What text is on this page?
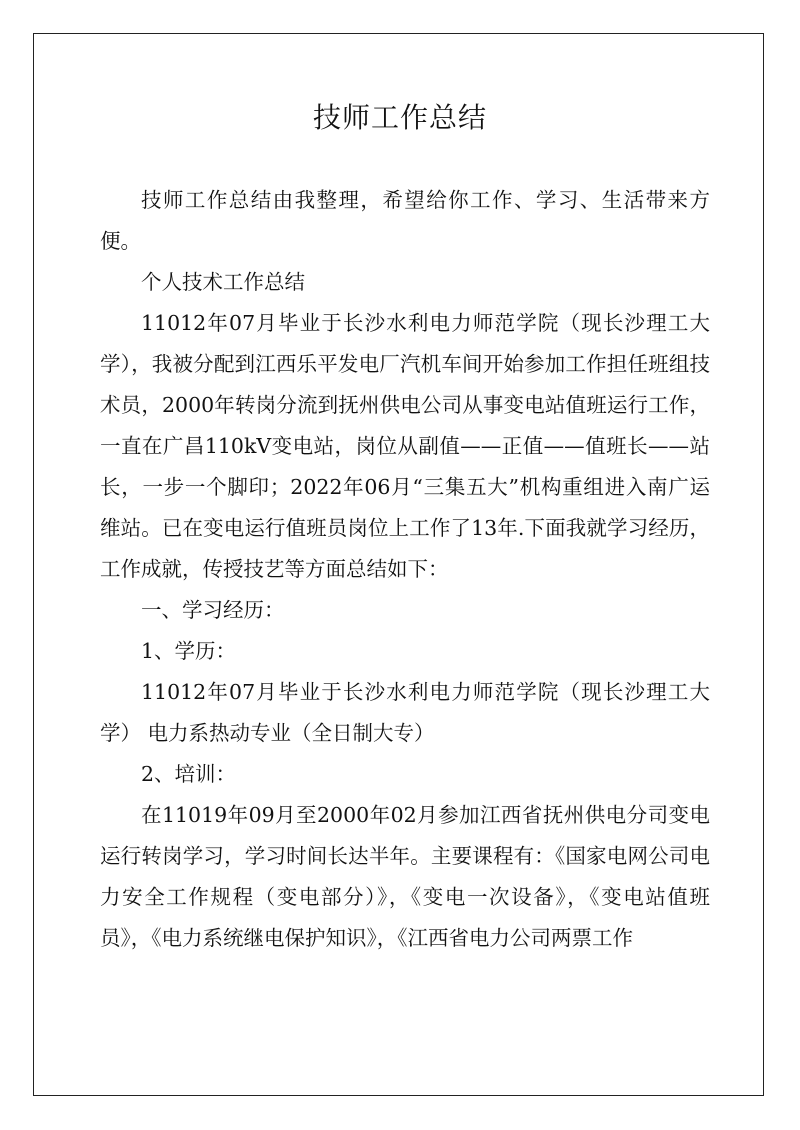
技师工作总结

技师工作总结由我整理，希望给你工作、学习、生活带来方便。

个人技术工作总结

11012年07月毕业于长沙水利电力师范学院（现长沙理工大学），我被分配到江西乐平发电厂汽机车间开始参加工作担任班组技术员，2000年转岗分流到抚州供电公司从事变电站值班运行工作，一直在广昌110kV变电站，岗位从副值——正值——值班长——站长，一步一个脚印；2022年06月“三集五大”机构重组进入南广运维站。已在变电运行值班员岗位上工作了13年.下面我就学习经历，工作成就，传授技艺等方面总结如下：

一、学习经历：

1、学历：

11012年07月毕业于长沙水利电力师范学院（现长沙理工大学） 电力系热动专业（全日制大专）

2、培训：

在11019年09月至2000年02月参加江西省抚州供电分司变电运行转岗学习，学习时间长达半年。主要课程有：《国家电网公司电力安全工作规程（变电部分）》，《变电一次设备》，《变电站值班员》，《电力系统继电保护知识》，《江西省电力公司两票工作
